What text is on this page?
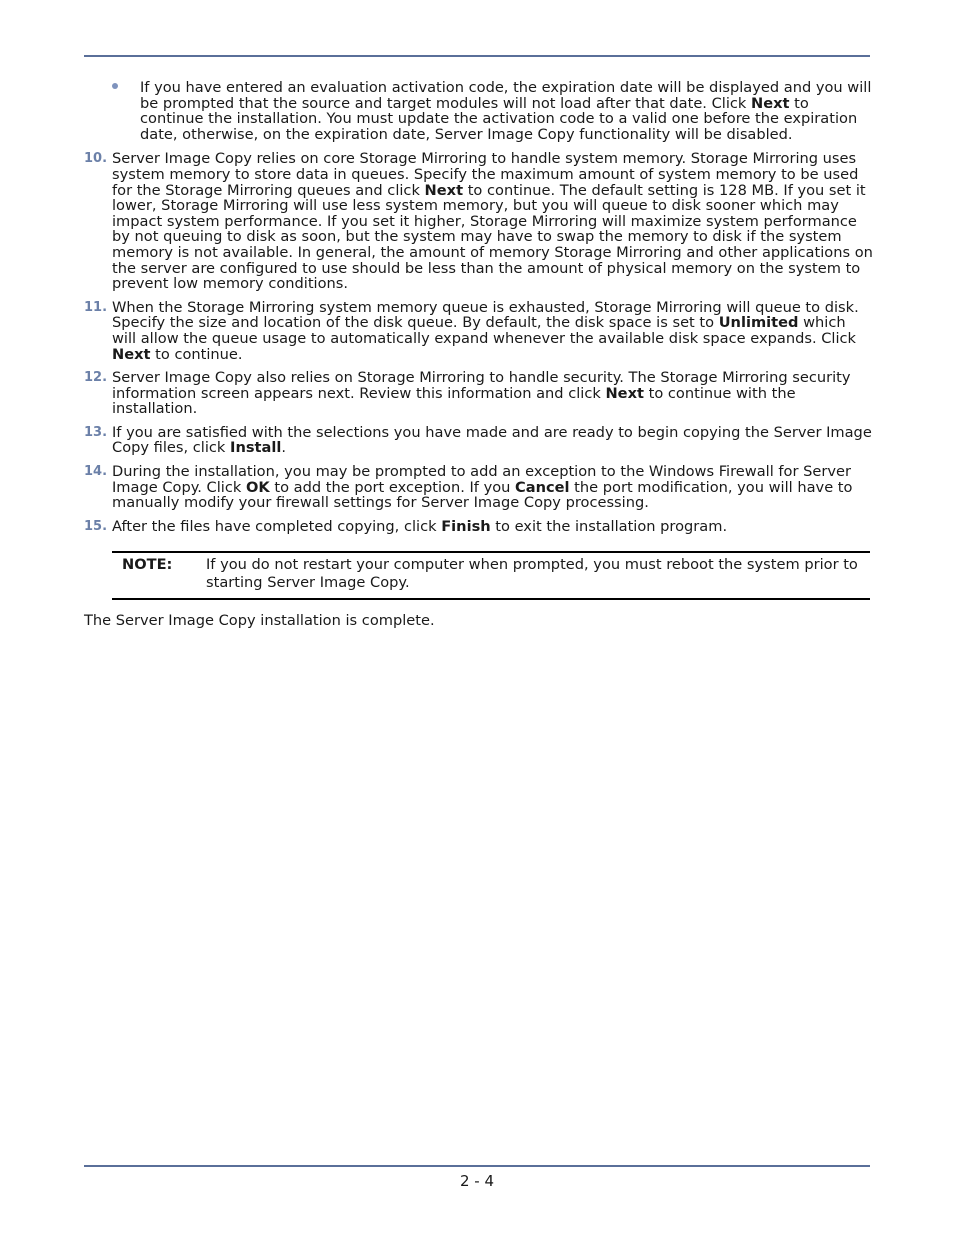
If you have entered an evaluation activation code, the expiration date will be displayed and you will be prompted that the source and target modules will not load after that date. Click Next to continue the installation. You must update the activation code to a valid one before the expiration date, otherwise, on the expiration date, Server Image Copy functionality will be disabled.
10. Server Image Copy relies on core Storage Mirroring to handle system memory. Storage Mirroring uses system memory to store data in queues. Specify the maximum amount of system memory to be used for the Storage Mirroring queues and click Next to continue. The default setting is 128 MB. If you set it lower, Storage Mirroring will use less system memory, but you will queue to disk sooner which may impact system performance. If you set it higher, Storage Mirroring will maximize system performance by not queuing to disk as soon, but the system may have to swap the memory to disk if the system memory is not available. In general, the amount of memory Storage Mirroring and other applications on the server are configured to use should be less than the amount of physical memory on the system to prevent low memory conditions.
11. When the Storage Mirroring system memory queue is exhausted, Storage Mirroring will queue to disk. Specify the size and location of the disk queue. By default, the disk space is set to Unlimited which will allow the queue usage to automatically expand whenever the available disk space expands. Click Next to continue.
12. Server Image Copy also relies on Storage Mirroring to handle security. The Storage Mirroring security information screen appears next. Review this information and click Next to continue with the installation.
13. If you are satisfied with the selections you have made and are ready to begin copying the Server Image Copy files, click Install.
14. During the installation, you may be prompted to add an exception to the Windows Firewall for Server Image Copy. Click OK to add the port exception. If you Cancel the port modification, you will have to manually modify your firewall settings for Server Image Copy processing.
15. After the files have completed copying, click Finish to exit the installation program.
NOTE:	If you do not restart your computer when prompted, you must reboot the system prior to starting Server Image Copy.
The Server Image Copy installation is complete.
2 - 4
